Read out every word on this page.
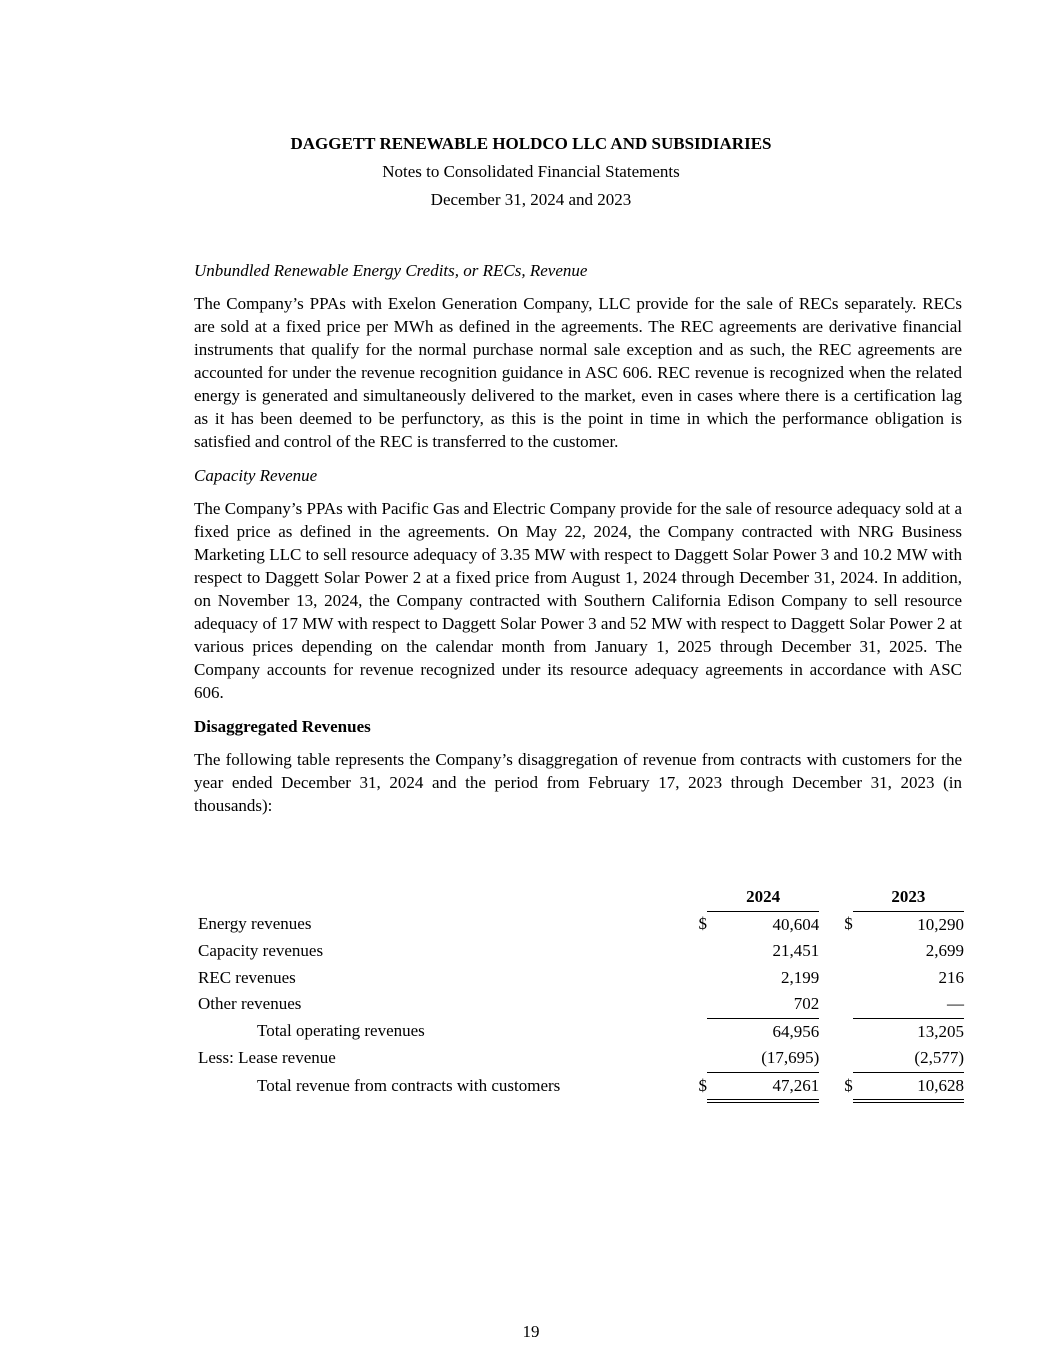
DAGGETT RENEWABLE HOLDCO LLC AND SUBSIDIARIES
Notes to Consolidated Financial Statements
December 31, 2024 and 2023

Unbundled Renewable Energy Credits, or RECs, Revenue

The Company’s PPAs with Exelon Generation Company, LLC provide for the sale of RECs separately. RECs are sold at a fixed price per MWh as defined in the agreements. The REC agreements are derivative financial instruments that qualify for the normal purchase normal sale exception and as such, the REC agreements are accounted for under the revenue recognition guidance in ASC 606. REC revenue is recognized when the related energy is generated and simultaneously delivered to the market, even in cases where there is a certification lag as it has been deemed to be perfunctory, as this is the point in time in which the performance obligation is satisfied and control of the REC is transferred to the customer.

Capacity Revenue

The Company’s PPAs with Pacific Gas and Electric Company provide for the sale of resource adequacy sold at a fixed price as defined in the agreements. On May 22, 2024, the Company contracted with NRG Business Marketing LLC to sell resource adequacy of 3.35 MW with respect to Daggett Solar Power 3 and 10.2 MW with respect to Daggett Solar Power 2 at a fixed price from August 1, 2024 through December 31, 2024. In addition, on November 13, 2024, the Company contracted with Southern California Edison Company to sell resource adequacy of 17 MW with respect to Daggett Solar Power 3 and 52 MW with respect to Daggett Solar Power 2 at various prices depending on the calendar month from January 1, 2025 through December 31, 2025. The Company accounts for revenue recognized under its resource adequacy agreements in accordance with ASC 606.

Disaggregated Revenues

The following table represents the Company’s disaggregation of revenue from contracts with customers for the year ended December 31, 2024 and the period from February 17, 2023 through December 31, 2023 (in thousands):

		2024			2023
Energy revenues	$	40,604		$	10,290
Capacity revenues		21,451			2,699
REC revenues		2,199			216
Other revenues		702			—
Total operating revenues		64,956			13,205
Less: Lease revenue		(17,695)			(2,577)
Total revenue from contracts with customers	$	47,261		$	10,628
19
